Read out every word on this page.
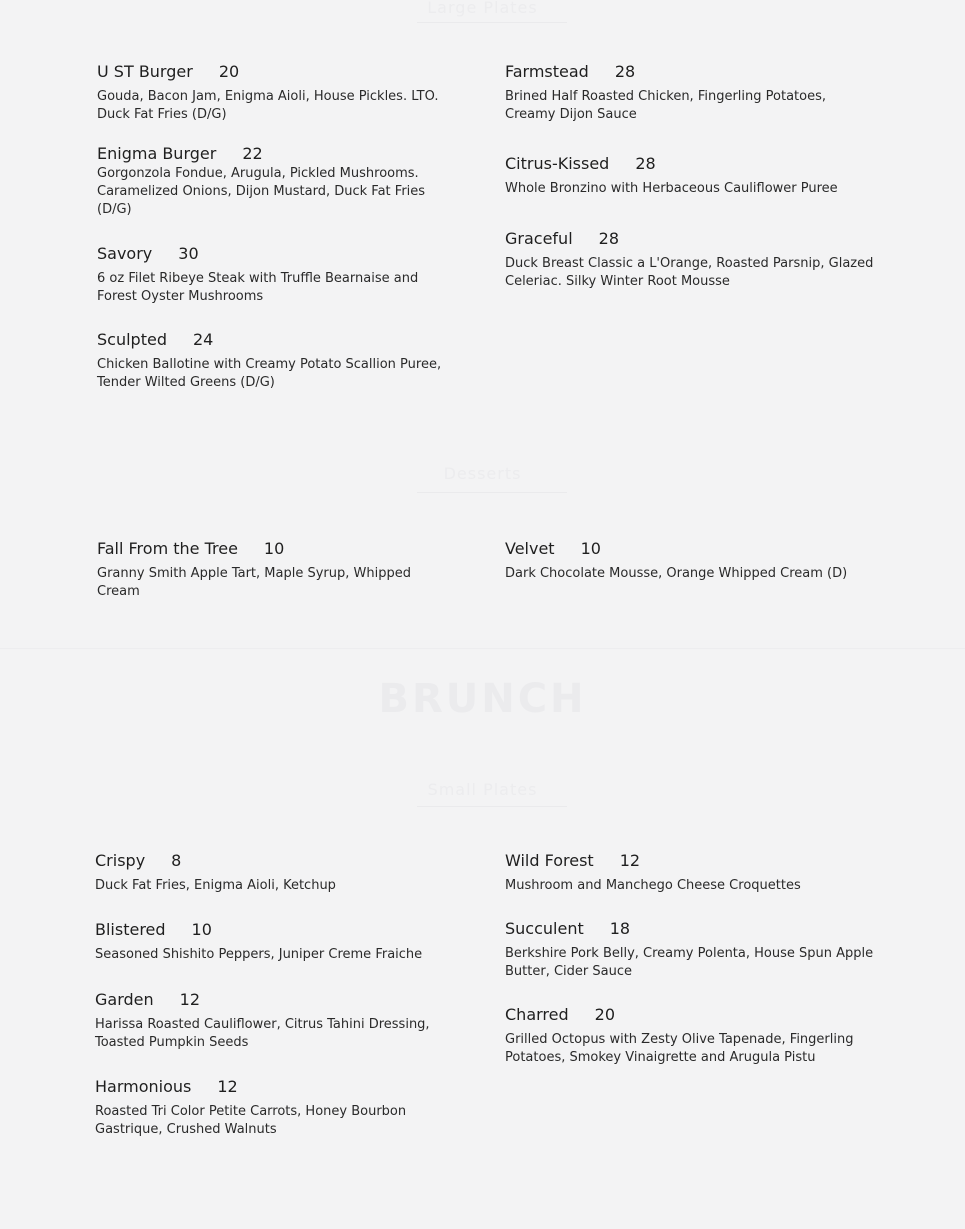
Large Plates
U ST Burger 20
Gouda, Bacon Jam, Enigma Aioli, House Pickles. LTO. Duck Fat Fries (D/G)
Enigma Burger 22
Gorgonzola Fondue, Arugula, Pickled Mushrooms. Caramelized Onions, Dijon Mustard, Duck Fat Fries (D/G)
Savory 30
6 oz Filet Ribeye Steak with Truffle Bearnaise and Forest Oyster Mushrooms
Sculpted 24
Chicken Ballotine with Creamy Potato Scallion Puree, Tender Wilted Greens (D/G)
Farmstead 28
Brined Half Roasted Chicken, Fingerling Potatoes, Creamy Dijon Sauce
Citrus-Kissed 28
Whole Bronzino with Herbaceous Cauliflower Puree
Graceful 28
Duck Breast Classic a L'Orange, Roasted Parsnip, Glazed Celeriac. Silky Winter Root Mousse
Desserts
Fall From the Tree 10
Granny Smith Apple Tart, Maple Syrup, Whipped Cream
Velvet 10
Dark Chocolate Mousse, Orange Whipped Cream (D)
BRUNCH
Small Plates
Crispy 8
Duck Fat Fries, Enigma Aioli, Ketchup
Blistered 10
Seasoned Shishito Peppers, Juniper Creme Fraiche
Garden 12
Harissa Roasted Cauliflower, Citrus Tahini Dressing, Toasted Pumpkin Seeds
Harmonious 12
Roasted Tri Color Petite Carrots, Honey Bourbon Gastrique, Crushed Walnuts
Wild Forest 12
Mushroom and Manchego Cheese Croquettes
Succulent 18
Berkshire Pork Belly, Creamy Polenta, House Spun Apple Butter, Cider Sauce
Charred 20
Grilled Octopus with Zesty Olive Tapenade, Fingerling Potatoes, Smokey Vinaigrette and Arugula Pistu
